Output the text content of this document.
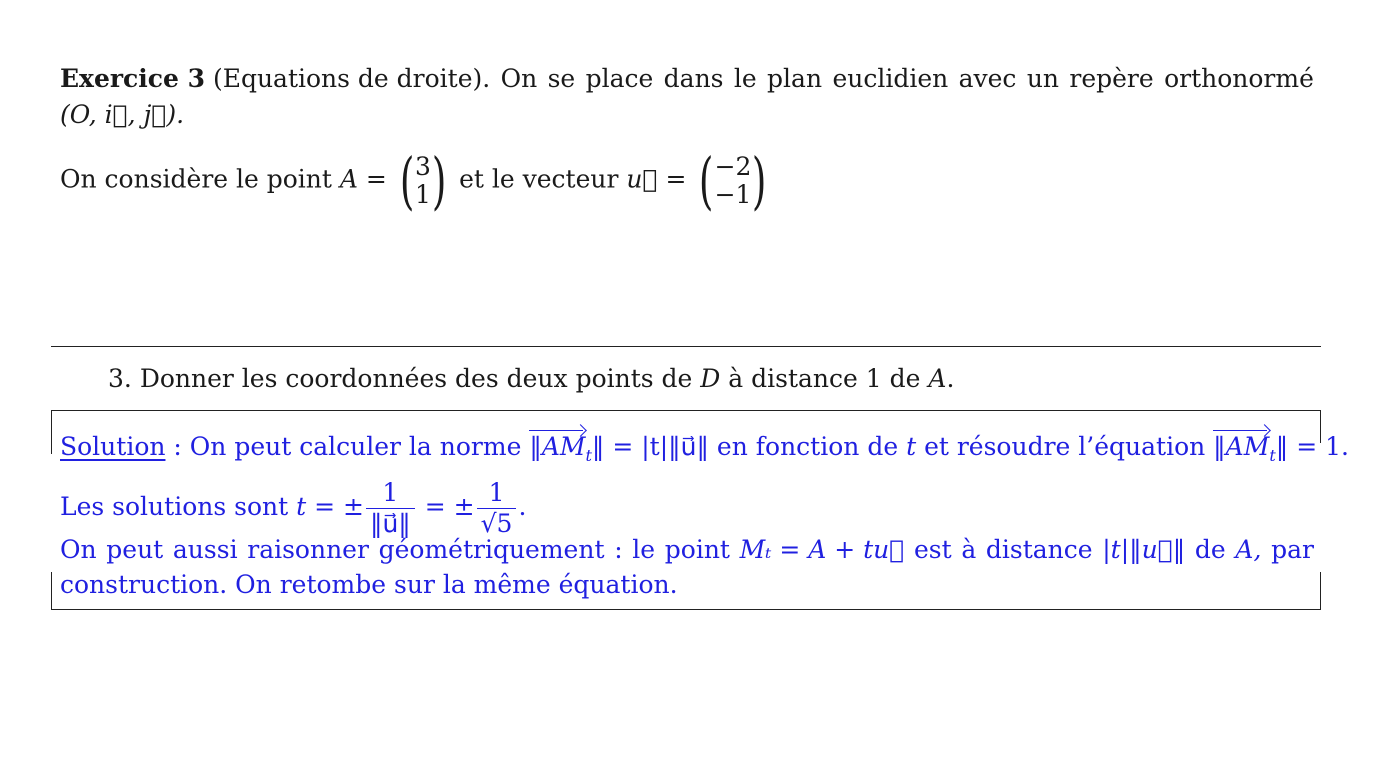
Exercice 3 (Equations de droite). On se place dans le plan euclidien avec un repère orthonormé
(O, i⃗, j⃗).
On considère le point A = (3
1) et le vecteur u⃗ = (−2
−1)
3. Donner les coordonnées des deux points de D à distance 1 de A.
Solution : On peut calculer la norme $‖AM_t‖$ = |t|‖u⃗‖ en fonction de t et résoudre l’équation $‖AM_t‖ = 1$.
Les solutions sont t = ± $\frac{1}{‖u⃗‖}$ = ± $\frac{1}{√5}$ .
On peut aussi raisonner géométriquement : le point Mₜ = A + tu⃗ est à distance |t|‖u⃗‖ de A, par
construction. On retombe sur la même équation.
